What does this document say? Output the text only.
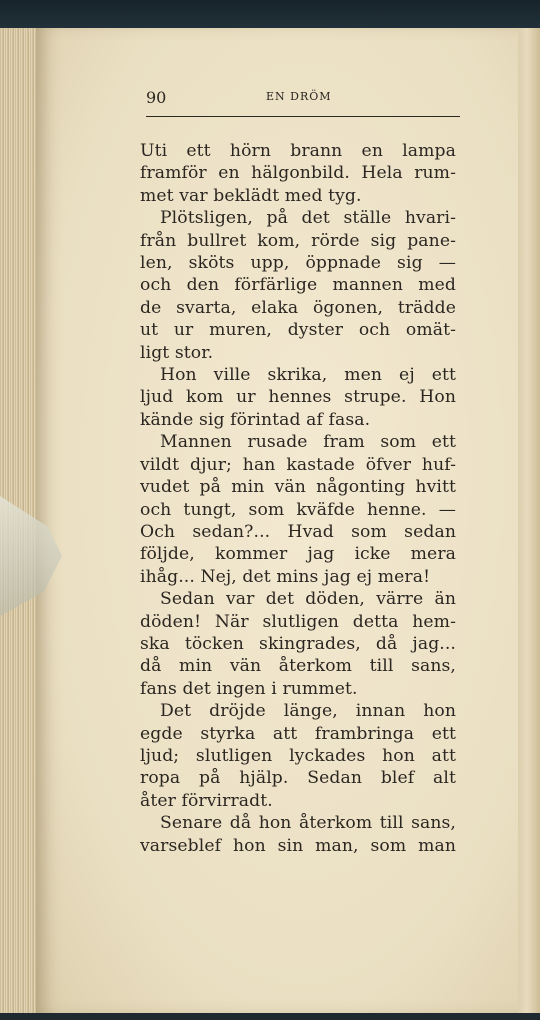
90	EN DRÖM
Uti ett hörn brann en lampa
framför en hälgonbild. Hela rum-
met var beklädt med tyg.
Plötsligen, på det ställe hvari-
från bullret kom, rörde sig pane-
len, sköts upp, öppnade sig —
och den förfärlige mannen med
de svarta, elaka ögonen, trädde
ut ur muren, dyster och omät-
ligt stor.
Hon ville skrika, men ej ett
ljud kom ur hennes strupe. Hon
kände sig förintad af fasa.
Mannen rusade fram som ett
vildt djur; han kastade öfver huf-
vudet på min vän någonting hvitt
och tungt, som kväfde henne. —
Och sedan?... Hvad som sedan
följde, kommer jag icke mera
ihåg... Nej, det mins jag ej mera!
Sedan var det döden, värre än
döden! När slutligen detta hem-
ska töcken skingrades, då jag...
då min vän återkom till sans,
fans det ingen i rummet.
Det dröjde länge, innan hon
egde styrka att frambringa ett
ljud; slutligen lyckades hon att
ropa på hjälp. Sedan blef alt
åter förvirradt.
Senare då hon återkom till sans,
varseblef hon sin man, som man
